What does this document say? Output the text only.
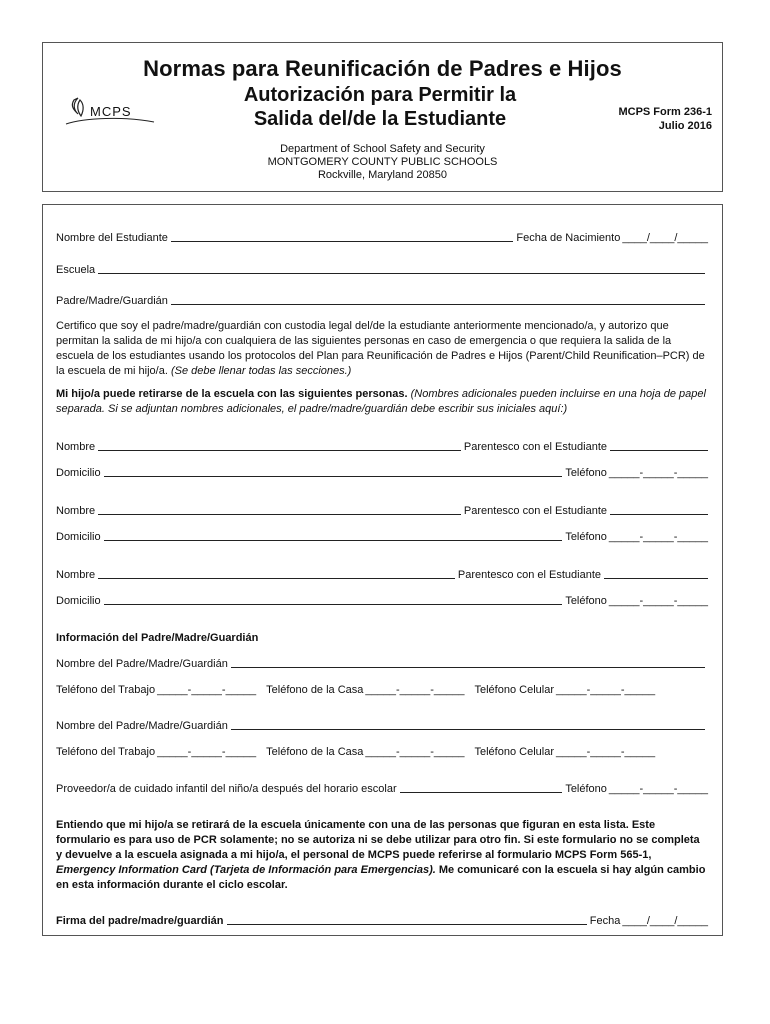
Normas para Reunificación de Padres e Hijos
MCPS
Autorización para Permitir la
Salida del/de la Estudiante	MCPS Form 236-1
Julio 2016
Department of School Safety and Security
MONTGOMERY COUNTY PUBLIC SCHOOLS
Rockville, Maryland 20850
Nombre del Estudiante	Fecha de Nacimiento ____/____/_____
Escuela
Padre/Madre/Guardián
Certifico que soy el padre/madre/guardián con custodia legal del/de la estudiante anteriormente mencionado/a, y autorizo que permitan la salida de mi hijo/a con cualquiera de las siguientes personas en caso de emergencia o que requiera la salida de la escuela de los estudiantes usando los protocolos del Plan para Reunificación de Padres e Hijos (Parent/Child Reunification–PCR) de la escuela de mi hijo/a. (Se debe llenar todas las secciones.)
Mi hijo/a puede retirarse de la escuela con las siguientes personas. (Nombres adicionales pueden incluirse en una hoja de papel separada. Si se adjuntan nombres adicionales, el padre/madre/guardián debe escribir sus iniciales aquí:)
Nombre	Parentesco con el Estudiante
Domicilio	Teléfono _____-_____-_____
Nombre	Parentesco con el Estudiante
Domicilio	Teléfono _____-_____-_____
Nombre	Parentesco con el Estudiante
Domicilio	Teléfono _____-_____-_____
Información del Padre/Madre/Guardián
Nombre del Padre/Madre/Guardián
Teléfono del Trabajo _____-_____-_____ Teléfono de la Casa _____-_____-_____ Teléfono Celular _____-_____-_____
Nombre del Padre/Madre/Guardián
Teléfono del Trabajo _____-_____-_____ Teléfono de la Casa _____-_____-_____ Teléfono Celular _____-_____-_____
Proveedor/a de cuidado infantil del niño/a después del horario escolar	Teléfono _____-_____-_____
Entiendo que mi hijo/a se retirará de la escuela únicamente con una de las personas que figuran en esta lista. Este formulario es para uso de PCR solamente; no se autoriza ni se debe utilizar para otro fin. Si este formulario no se completa y devuelve a la escuela asignada a mi hijo/a, el personal de MCPS puede referirse al formulario MCPS Form 565-1, Emergency Information Card (Tarjeta de Información para Emergencias). Me comunicaré con la escuela si hay algún cambio en esta información durante el ciclo escolar.
Firma del padre/madre/guardián	Fecha ____/____/_____
